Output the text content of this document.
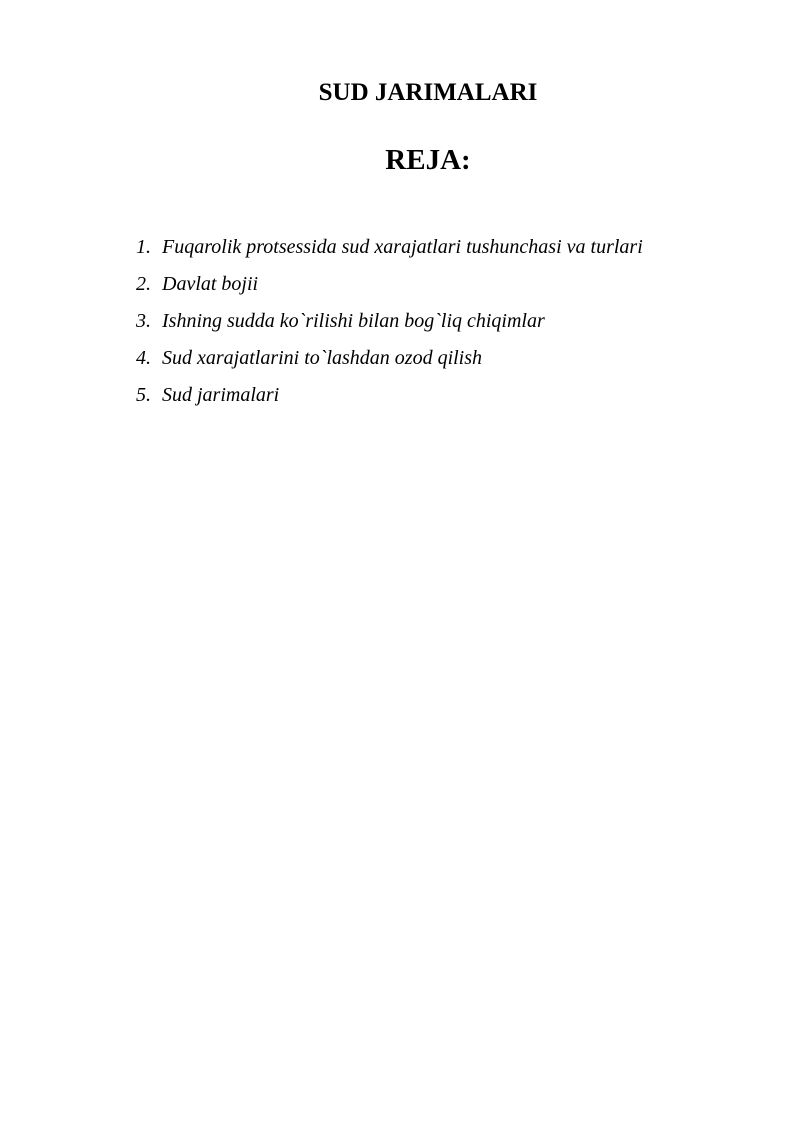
SUD JARIMALARI
REJA:
1. Fuqarolik protsessida sud xarajatlari tushunchasi va turlari
2. Davlat bojii
3. Ishning sudda ko`rilishi bilan bog`liq chiqimlar
4. Sud xarajatlarini to`lashdan ozod qilish
5. Sud jarimalari
